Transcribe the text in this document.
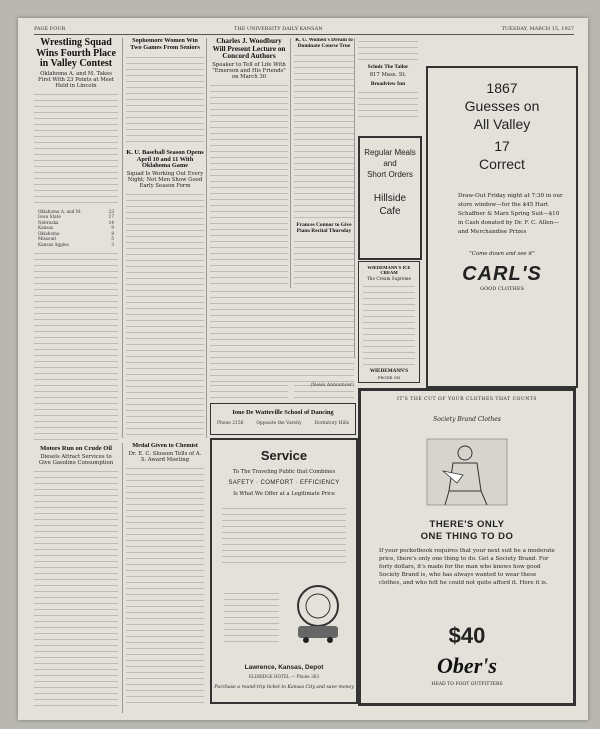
PAGE FOUR	THE UNIVERSITY DAILY KANSAN	TUESDAY, MARCH 15, 1927
Wrestling Squad Wins Fourth Place in Valley Contest
Oklahoma A. and M. Takes First With 23 Points at Meet Held in Lincoln

Oklahoma A. and M.	23
Iowa State	17
Nebraska	14
Kansas	9
Oklahoma	8
Missouri	5
Kansas Aggies	3

Motors Run on Crude Oil
Diesels Attract Services to Give Gasoline Consumption

Sophomore Women Win Two Games From Seniors

K. U. Baseball Season Opens April 10 and 11 With Oklahoma Game
Squad Is Working Out Every Night; Not Men Show Good Early Season Form

Medal Given to Chemist
Dr. E. C. Slosson Tells of A. S. Award Meeting

Charles J. Woodbury Will Present Lecture on Concord Authors
Speaker to Tell of Life With "Emerson and His Friends" on March 30

K. U. Women's Dream to Dominate Course True

Frances Connor to Give Piano Recital Thursday

(News Announcer)
Ione De Watteville School of Dancing
Phone 2156	Opposite the Varsity	Dormitory Hills
Service
To The Traveling Public that Combines
SAFETY · COMFORT · EFFICIENCY
Is What We Offer at a Legitimate Price

Lawrence, Kansas, Depot
ELDRIDGE HOTEL — Phone 363
Purchase a round-trip ticket to Kansas City and save money

Schulz The Tailor
817 Mass. St.
Broadview Inn

Regular Meals
and
Short Orders
Hillside
Cafe
WIEDEMANN'S ICE CREAM
The Cream Supreme

WIEDEMANN'S
FROZE ON
1867
Guesses on
All Valley
17
Correct
Draw-Out Friday night at 7:30 in our store window—for the $45 Hart Schaffner & Marx Spring Suit—$10 in Cash donated by Dr. F. C. Allen—and Merchandise Prizes
"Come down and see it"
CARL'S
GOOD CLOTHES
IT'S THE CUT OF YOUR CLOTHES THAT COUNTS
Society Brand Clothes
THERE'S ONLY
ONE THING TO DO
If your pocketbook requires that your next suit be a moderate price, there's only one thing to do. Get a Society Brand. For forty dollars, it's made for the man who knows how good Society Brand is, who has always wanted to wear these clothes, and who felt he could not quite afford it. Here it is.
$40
Ober's
HEAD TO FOOT OUTFITTERS
